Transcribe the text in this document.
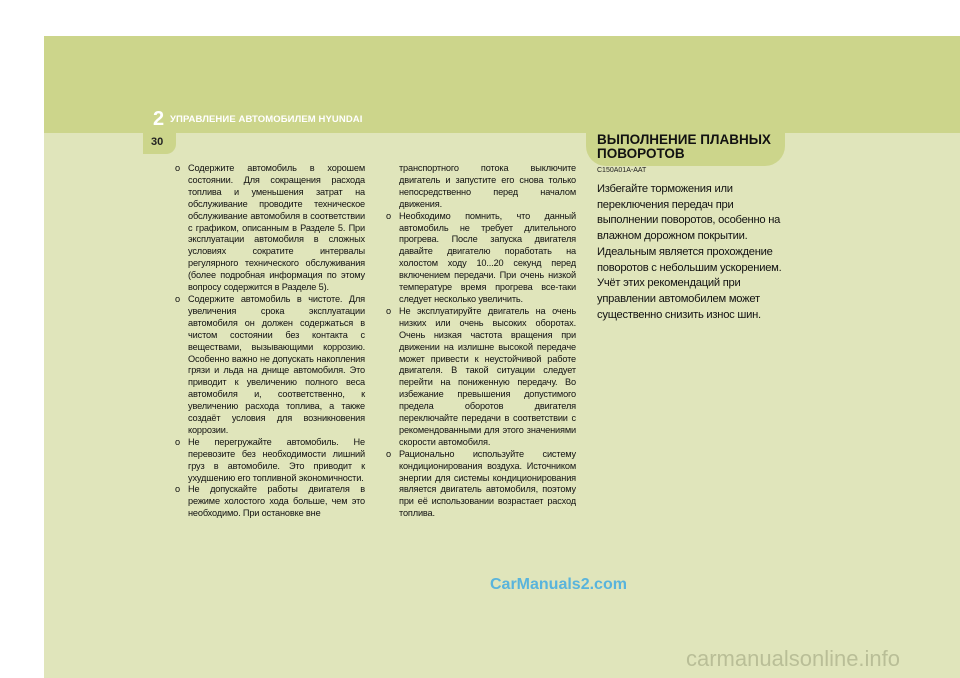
2 УПРАВЛЕНИЕ АВТОМОБИЛЕМ HYUNDAI
30	ВЫПОЛНЕНИЕ ПЛАВНЫХ ПОВОРОТОВ
C150A01A-AAT

Избегайте торможения или переключения передач при выполнении поворотов, особенно на влажном дорожном покрытии. Идеальным является прохождение поворотов с небольшим ускорением. Учёт этих рекомендаций при управлении автомобилем может существенно снизить износ шин.

o Содержите автомобиль в хорошем состоянии. Для сокращения расхода топлива и уменьшения затрат на обслуживание проводите техническое обслуживание автомобиля в соответствии с графиком, описанным в Разделе 5. При эксплуатации автомобиля в сложных условиях сократите интервалы регулярного технического обслуживания (более подробная информация по этому вопросу содержится в Разделе 5).
o Содержите автомобиль в чистоте. Для увеличения срока эксплуатации автомобиля он должен содержаться в чистом состоянии без контакта с веществами, вызывающими коррозию. Особенно важно не допускать накопления грязи и льда на днище автомобиля. Это приводит к увеличению полного веса автомобиля и, соответственно, к увеличению расхода топлива, а также создаёт условия для возникновения коррозии.
o Не перегружайте автомобиль. Не перевозите без необходимости лишний груз в автомобиле. Это приводит к ухудшению его топливной экономичности.
o Не допускайте работы двигателя в режиме холостого хода больше, чем это необходимо. При остановке вне
транспортного потока выключите двигатель и запустите его снова только непосредственно перед началом движения.
o Необходимо помнить, что данный автомобиль не требует длительного прогрева. После запуска двигателя давайте двигателю поработать на холостом ходу 10...20 секунд перед включением передачи. При очень низкой температуре время прогрева все-таки следует несколько увеличить.
o Не эксплуатируйте двигатель на очень низких или очень высоких оборотах. Очень низкая частота вращения при движении на излишне высокой передаче может привести к неустойчивой работе двигателя. В такой ситуации следует перейти на пониженную передачу. Во избежание превышения допустимого предела оборотов двигателя переключайте передачи в соответствии с рекомендованными для этого значениями скорости автомобиля.
o Рационально используйте систему кондиционирования воздуха. Источником энергии для системы кондиционирования является двигатель автомобиля, поэтому при её использовании возрастает расход топлива.
CarManuals2.com
carmanualsonline.info
